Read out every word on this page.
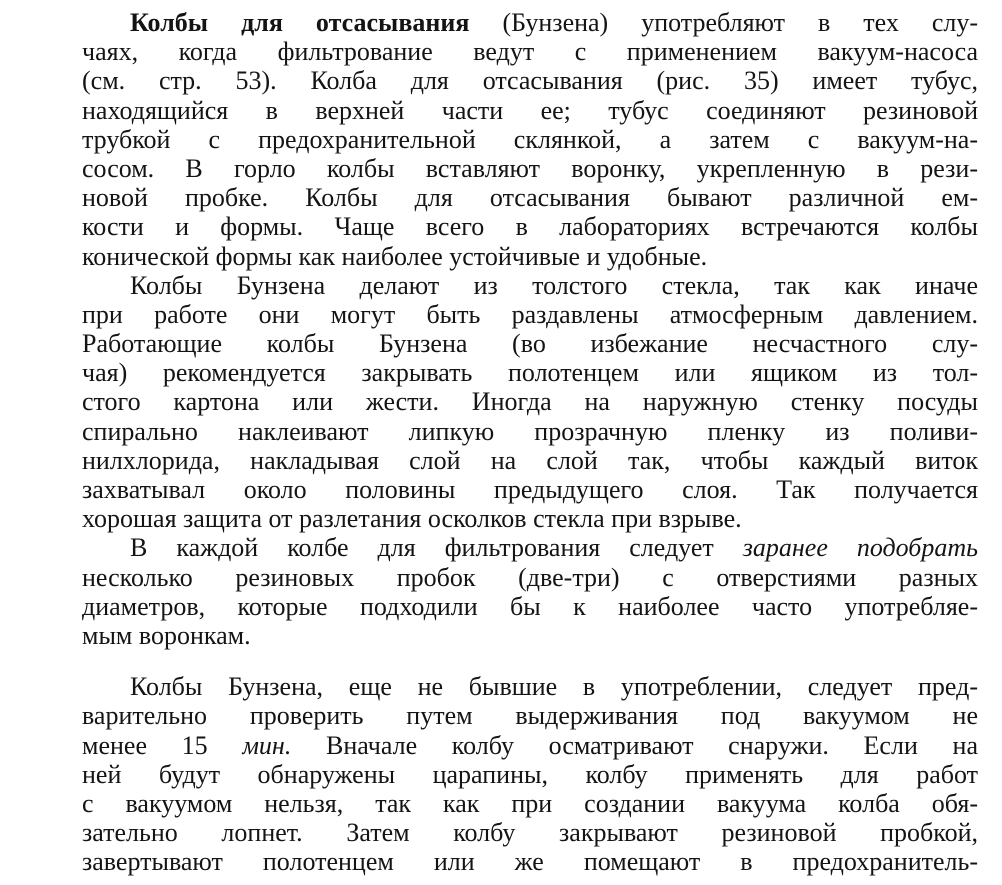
Колбы для отсасывания (Бунзена) употребляют в тех слу-
чаях, когда фильтрование ведут с применением вакуум-насоса
(см. стр. 53). Колба для отсасывания (рис. 35) имеет тубус,
находящийся в верхней части ее; тубус соединяют резиновой
трубкой с предохранительной склянкой, а затем с вакуум-на-
сосом. В горло колбы вставляют воронку, укрепленную в рези-
новой пробке. Колбы для отсасывания бывают различной ем-
кости и формы. Чаще всего в лабораториях встречаются колбы
конической формы как наиболее устойчивые и удобные.
Колбы Бунзена делают из толстого стекла, так как иначе
при работе они могут быть раздавлены атмосферным давлением.
Работающие колбы Бунзена (во избежание несчастного слу-
чая) рекомендуется закрывать полотенцем или ящиком из тол-
стого картона или жести. Иногда на наружную стенку посуды
спирально наклеивают липкую прозрачную пленку из поливи-
нилхлорида, накладывая слой на слой так, чтобы каждый виток
захватывал около половины предыдущего слоя. Так получается
хорошая защита от разлетания осколков стекла при взрыве.
В каждой колбе для фильтрования следует заранее подобрать
несколько резиновых пробок (две-три) с отверстиями разных
диаметров, которые подходили бы к наиболее часто употребляе-
мым воронкам.
Колбы Бунзена, еще не бывшие в употреблении, следует пред-
варительно проверить путем выдерживания под вакуумом не
менее 15 мин. Вначале колбу осматривают снаружи. Если на
ней будут обнаружены царапины, колбу применять для работ
с вакуумом нельзя, так как при создании вакуума колба обя-
зательно лопнет. Затем колбу закрывают резиновой пробкой,
завертывают полотенцем или же помещают в предохранитель-
